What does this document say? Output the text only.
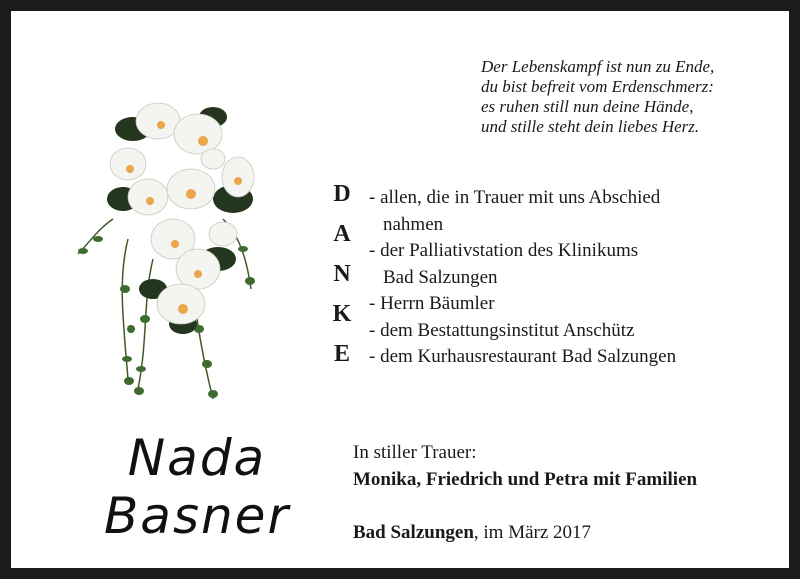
Der Lebenskampf ist nun zu Ende,
du bist befreit vom Erdenschmerz:
es ruhen still nun deine Hände,
und stille steht dein liebes Herz.
D
A
N
K
E
- allen, die in Trauer mit uns Abschied
nahmen
- der Palliativstation des Klinikums
Bad Salzungen
- Herrn Bäumler
- dem Bestattungsinstitut Anschütz
- dem Kurhausrestaurant Bad Salzungen
Nada
Basner
In stiller Trauer:
Monika, Friedrich und Petra mit Familien
Bad Salzungen, im März 2017
